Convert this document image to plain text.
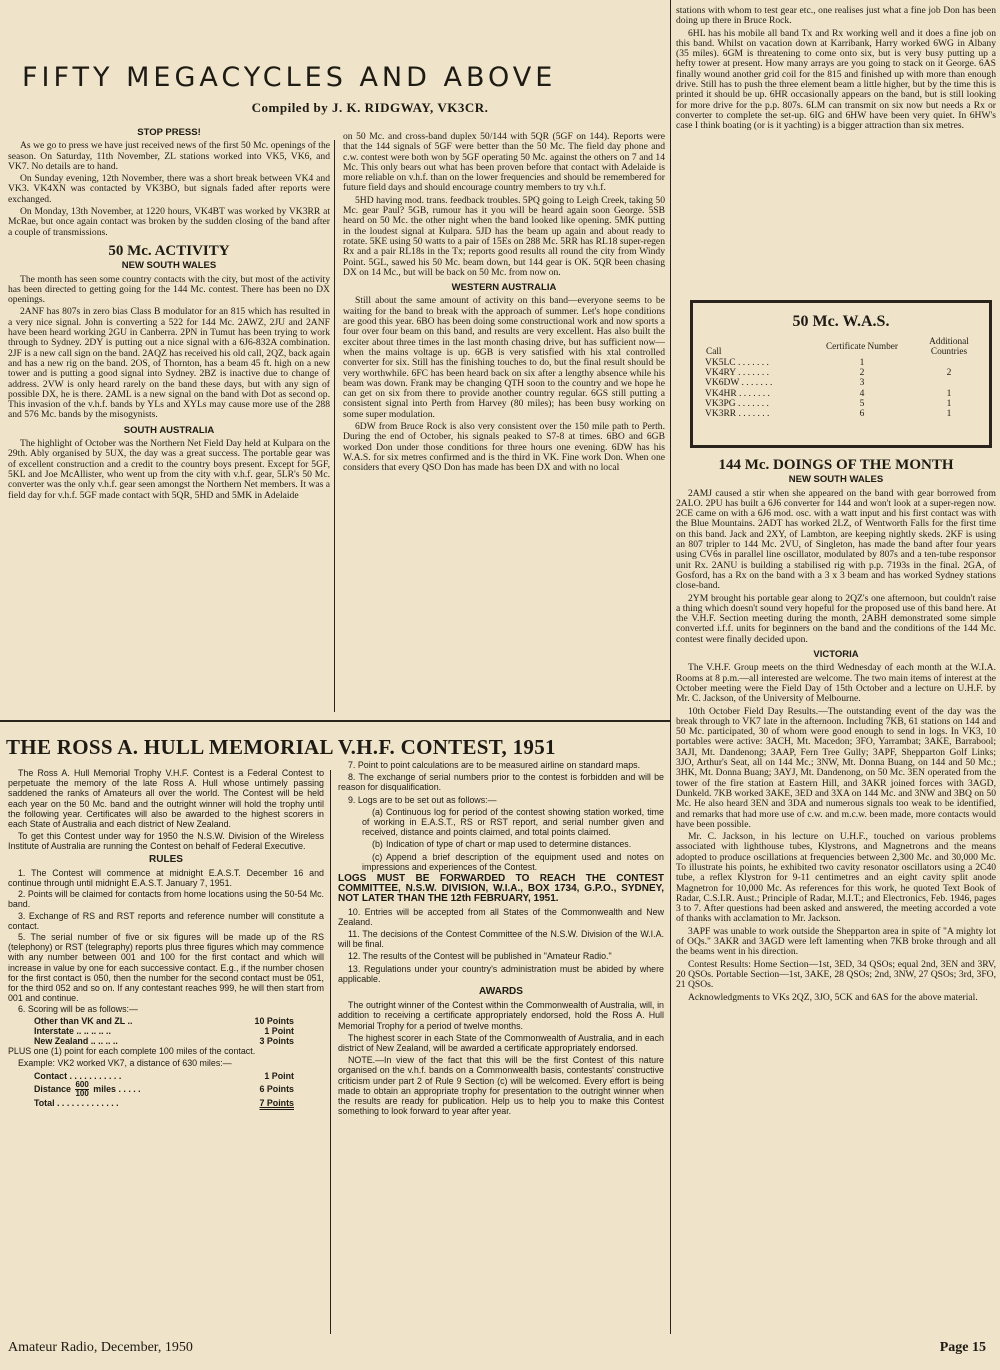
FIFTY MEGACYCLES AND ABOVE
Compiled by J. K. RIDGWAY, VK3CR.
STOP PRESS!

As we go to press we have just received news of the first 50 Mc. openings of the season. On Saturday, 11th November, ZL stations worked into VK5, VK6, and VK7. No details are to hand.

On Sunday evening, 12th November, there was a short break between VK4 and VK3. VK4XN was contacted by VK3BO, but signals faded after reports were exchanged.

On Monday, 13th November, at 1220 hours, VK4BT was worked by VK3RR at McRae, but once again contact was broken by the sudden closing of the band after a couple of transmissions.

50 Mc. ACTIVITY
NEW SOUTH WALES

The month has seen some country contacts with the city, but most of the activity has been directed to getting going for the 144 Mc. contest. There has been no DX openings.

2ANF has 807s in zero bias Class B modulator for an 815 which has resulted in a very nice signal. John is converting a 522 for 144 Mc. 2AWZ, 2JU and 2ANF have been heard working 2GU in Canberra. 2PN in Tumut has been trying to work through to Sydney. 2DY is putting out a nice signal with a 6J6-832A combination. 2JF is a new call sign on the band. 2AQZ has received his old call, 2QZ, back again and has a new rig on the band. 2OS, of Thornton, has a beam 45 ft. high on a new tower and is putting a good signal into Sydney. 2BZ is inactive due to change of address. 2VW is only heard rarely on the band these days, but with any sign of possible DX, he is there. 2AML is a new signal on the band with Dot as second op. This invasion of the v.h.f. bands by YLs and XYLs may cause more use of the 288 and 576 Mc. bands by the misogynists.

SOUTH AUSTRALIA

The highlight of October was the Northern Net Field Day held at Kulpara on the 29th. Ably organised by 5UX, the day was a great success. The portable gear was of excellent construction and a credit to the country boys present. Except for 5GF, 5KL and Joe McAllister, who went up from the city with v.h.f. gear, 5LR's 50 Mc. converter was the only v.h.f. gear seen amongst the Northern Net members. It was a field day for v.h.f. 5GF made contact with 5QR, 5HD and 5MK in Adelaide

on 50 Mc. and cross-band duplex 50/144 with 5QR (5GF on 144). Reports were that the 144 signals of 5GF were better than the 50 Mc. The field day phone and c.w. contest were both won by 5GF operating 50 Mc. against the others on 7 and 14 Mc. This only bears out what has been proven before that contact with Adelaide is more reliable on v.h.f. than on the lower frequencies and should be remembered for future field days and should encourage country members to try v.h.f.

5HD having mod. trans. feedback troubles. 5PQ going to Leigh Creek, taking 50 Mc. gear Paul? 5GB, rumour has it you will be heard again soon George. 5SB heard on 50 Mc. the other night when the band looked like opening. 5MK putting in the loudest signal at Kulpara. 5JD has the beam up again and about ready to rotate. 5KE using 50 watts to a pair of 15Es on 288 Mc. 5RR has RL18 super-regen Rx and a pair RL18s in the Tx; reports good results all round the city from Windy Point. 5GL, sawed his 50 Mc. beam down, but 144 gear is OK. 5QR been chasing DX on 14 Mc., but will be back on 50 Mc. from now on.

WESTERN AUSTRALIA

Still about the same amount of activity on this band—everyone seems to be waiting for the band to break with the approach of summer. Let's hope conditions are good this year. 6BO has been doing some constructional work and now sports a four over four beam on this band, and results are very excellent. Has also built the exciter about three times in the last month chasing drive, but has sufficient now—when the mains voltage is up. 6GB is very satisfied with his xtal controlled converter for six. Still has the finishing touches to do, but the final result should be very worthwhile. 6FC has been heard back on six after a lengthy absence while his beam was down. Frank may be changing QTH soon to the country and we hope he can get on six from there to provide another country regular. 6GS still putting a consistent signal into Perth from Harvey (80 miles); has been busy working on some super modulation.

6DW from Bruce Rock is also very consistent over the 150 mile path to Perth. During the end of October, his signals peaked to S7-8 at times. 6BO and 6GB worked Don under those conditions for three hours one evening. 6DW has his W.A.S. for six metres confirmed and is the third in VK. Fine work Don. When one considers that every QSO Don has made has been DX and with no local

stations with whom to test gear etc., one realises just what a fine job Don has been doing up there in Bruce Rock.

6HL has his mobile all band Tx and Rx working well and it does a fine job on this band. Whilst on vacation down at Karribank, Harry worked 6WG in Albany (35 miles). 6GM is threatening to come onto six, but is very busy putting up a hefty tower at present. How many arrays are you going to stack on it George. 6AS finally wound another grid coil for the 815 and finished up with more than enough drive. Still has to push the three element beam a little higher, but by the time this is printed it should be up. 6HR occasionally appears on the band, but is still looking for more drive for the p.p. 807s. 6LM can transmit on six now but needs a Rx or converter to complete the set-up. 6IG and 6HW have been very quiet. In 6HW's case I think boating (or is it yachting) is a bigger attraction than six metres.

50 Mc. W.A.S.
Call	Certificate Number	Additional Countries
VK5LC . . . . . . .	1	
VK4RY . . . . . . .	2	2
VK6DW . . . . . . .	3	
VK4HR . . . . . . .	4	1
VK3PG . . . . . . .	5	1
VK3RR . . . . . . .	6	1
144 Mc. DOINGS OF THE MONTH
NEW SOUTH WALES

2AMJ caused a stir when she appeared on the band with gear borrowed from 2ALO. 2PU has built a 6J6 converter for 144 and won't look at a super-regen now. 2CE came on with a 6J6 mod. osc. with a watt input and his first contact was with the Blue Mountains. 2ADT has worked 2LZ, of Wentworth Falls for the first time on this band. Jack and 2XY, of Lambton, are keeping nightly skeds. 2KF is using an 807 tripler to 144 Mc. 2VU, of Singleton, has made the band after four years using CV6s in parallel line oscillator, modulated by 807s and a ten-tube responsor unit Rx. 2ANU is building a stabilised rig with p.p. 7193s in the final. 2GA, of Gosford, has a Rx on the band with a 3 x 3 beam and has worked Sydney stations close-band.

2YM brought his portable gear along to 2QZ's one afternoon, but couldn't raise a thing which doesn't sound very hopeful for the proposed use of this band here. At the V.H.F. Section meeting during the month, 2ABH demonstrated some simple converted i.f.f. units for beginners on the band and the conditions of the 144 Mc. contest were finally decided upon.

VICTORIA

The V.H.F. Group meets on the third Wednesday of each month at the W.I.A. Rooms at 8 p.m.—all interested are welcome. The two main items of interest at the October meeting were the Field Day of 15th October and a lecture on U.H.F. by Mr. C. Jackson, of the University of Melbourne.

10th October Field Day Results.—The outstanding event of the day was the break through to VK7 late in the afternoon. Including 7KB, 61 stations on 144 and 50 Mc. participated, 30 of whom were good enough to send in logs. In VK3, 10 portables were active: 3ACH, Mt. Macedon; 3FO, Yarrambat; 3AKE, Barrabool; 3AJI, Mt. Dandenong; 3AAP, Fern Tree Gully; 3APF, Shepparton Golf Links; 3JO, Arthur's Seat, all on 144 Mc.; 3NW, Mt. Donna Buang, on 144 and 50 Mc.; 3HK, Mt. Donna Buang; 3AYJ, Mt. Dandenong, on 50 Mc. 3EN operated from the tower of the fire station at Eastern Hill, and 3AKR joined forces with 3AGD, Dunkeld. 7KB worked 3AKE, 3ED and 3XA on 144 Mc. and 3NW and 3BQ on 50 Mc. He also heard 3EN and 3DA and numerous signals too weak to be identified, and remarks that had more use of c.w. and m.c.w. been made, more contacts would have been possible.

Mr. C. Jackson, in his lecture on U.H.F., touched on various problems associated with lighthouse tubes, Klystrons, and Magnetrons and the means adopted to produce oscillations at frequencies between 2,300 Mc. and 30,000 Mc. To illustrate his points, he exhibited two cavity resonator oscillators using a 2C40 tube, a reflex Klystron for 9-11 centimetres and an eight cavity split anode Magnetron for 10,000 Mc. As references for this work, he quoted Text Book of Radar, C.S.I.R. Aust.; Principle of Radar, M.I.T.; and Electronics, Feb. 1946, pages 3 to 7. After questions had been asked and answered, the meeting accorded a vote of thanks with acclamation to Mr. Jackson.

3APF was unable to work outside the Shepparton area in spite of "A mighty lot of OQs." 3AKR and 3AGD were left lamenting when 7KB broke through and all the beams went in his direction.

Contest Results: Home Section—1st, 3ED, 34 QSOs; equal 2nd, 3EN and 3RV, 20 QSOs. Portable Section—1st, 3AKE, 28 QSOs; 2nd, 3NW, 27 QSOs; 3rd, 3FO, 21 QSOs.

Acknowledgments to VKs 2QZ, 3JO, 5CK and 6AS for the above material.

THE ROSS A. HULL MEMORIAL V.H.F. CONTEST, 1951

The Ross A. Hull Memorial Trophy V.H.F. Contest is a Federal Contest to perpetuate the memory of the late Ross A. Hull whose untimely passing saddened the ranks of Amateurs all over the world. The Contest will be held each year on the 50 Mc. band and the outright winner will hold the trophy until the following year. Certificates will also be awarded to the highest scorers in each State of Australia and each district of New Zealand.

To get this Contest under way for 1950 the N.S.W. Division of the Wireless Institute of Australia are running the Contest on behalf of Federal Executive.

RULES

1. The Contest will commence at midnight E.A.S.T. December 16 and continue through until midnight E.A.S.T. January 7, 1951.

2. Points will be claimed for contacts from home locations using the 50-54 Mc. band.

3. Exchange of RS and RST reports and reference number will constitute a contact.

5. The serial number of five or six figures will be made up of the RS (telephony) or RST (telegraphy) reports plus three figures which may commence with any number between 001 and 100 for the first contact and which will increase in value by one for each successive contact. E.g., if the number chosen for the first contact is 050, then the number for the second contact must be 051, for the third 052 and so on. If any contestant reaches 999, he will then start from 001 and continue.

6. Scoring will be as follows:—

Other than VK and ZL ..	10 Points
Interstate .. .. .. .. ..	1 Point
New Zealand .. .. .. ..	3 Points

PLUS one (1) point for each complete 100 miles of the contact.

Example: VK2 worked VK7, a distance of 630 miles:—

Contact . . . . . . . . . . .	1 Point
Distance $\frac{600}{100}$ miles . . . . .	6 Points
Total . . . . . . . . . . . . .	7 Points

7. Point to point calculations are to be measured airline on standard maps.

8. The exchange of serial numbers prior to the contest is forbidden and will be reason for disqualification.

9. Logs are to be set out as follows:—

(a) Continuous log for period of the contest showing station worked, time of working in E.A.S.T., RS or RST report, and serial number given and received, distance and points claimed, and total points claimed.

(b) Indication of type of chart or map used to determine distances.

(c) Append a brief description of the equipment used and notes on impressions and experiences of the Contest.

LOGS MUST BE FORWARDED TO REACH THE CONTEST COMMITTEE, N.S.W. DIVISION, W.I.A., BOX 1734, G.P.O., SYDNEY, NOT LATER THAN THE 12th FEBRUARY, 1951.

10. Entries will be accepted from all States of the Commonwealth and New Zealand.

11. The decisions of the Contest Committee of the N.S.W. Division of the W.I.A. will be final.

12. The results of the Contest will be published in "Amateur Radio."

13. Regulations under your country's administration must be abided by where applicable.

AWARDS

The outright winner of the Contest within the Commonwealth of Australia, will, in addition to receiving a certificate appropriately endorsed, hold the Ross A. Hull Memorial Trophy for a period of twelve months.

The highest scorer in each State of the Commonwealth of Australia, and in each district of New Zealand, will be awarded a certificate appropriately endorsed.

NOTE.—In view of the fact that this will be the first Contest of this nature organised on the v.h.f. bands on a Commonwealth basis, contestants' constructive criticism under part 2 of Rule 9 Section (c) will be welcomed. Every effort is being made to obtain an appropriate trophy for presentation to the outright winner when the results are ready for publication. Help us to help you to make this Contest something to look forward to year after year.

Amateur Radio, December, 1950	Page 15
